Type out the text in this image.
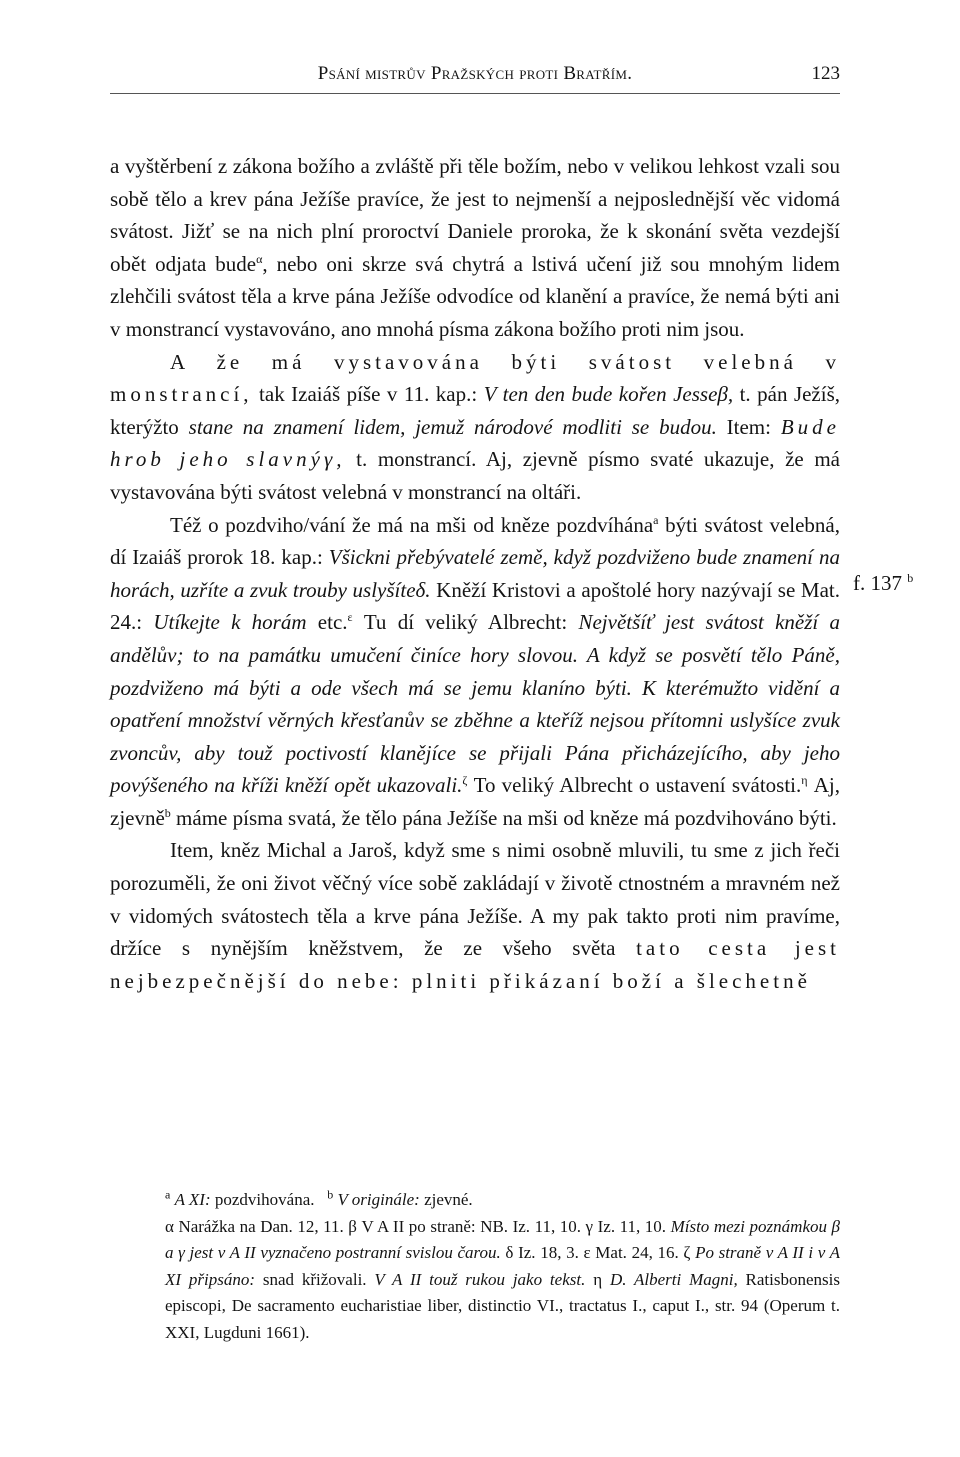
Psání mistrův Pražských proti Bratřím.	123

a vyštěrbení z zákona božího a zvláště při těle božím, nebo v velikou lehkost vzali sou sobě tělo a krev pána Ježíše pravíce, že jest to nejmenší a nejposlednější věc vidomá svátost. Jižť se na nich plní proroctví Daniele proroka, že k skonání světa vezdejší obět odjata bude$^\alpha$, nebo oni skrze svá chytrá a lstivá učení již sou mnohým lidem zlehčili svátost těla a krve pána Ježíše odvodíce od klanění a pravíce, že nemá býti ani v monstrancí vystavováno, ano mnohá písma zákona božího proti nim jsou.

A že má vystavována býti svátost velebná v monstrancí, tak Izaiáš píše v 11. kap.: V ten den bude kořen Jesseβ, t. pán Ježíš, kterýžto stane na znamení lidem, jemuž národové modliti se budou. Item: Bude hrob jeho slavnýγ, t. monstrancí. Aj, zjevně písmo svaté ukazuje, že má vystavována býti svátost velebná v monstrancí na oltáři.

Též o pozdviho/vání že má na mši od kněze pozdvíhána$^a$ býti svátost velebná, dí Izaiáš prorok 18. kap.: Všickni přebývatelé země, když pozdviženo bude znamení na horách, uzříte a zvuk trouby uslyšíteδ. Kněží Kristovi a apoštolé hory nazývají se Mat. 24.: Utíkejte k horám etc.$^\varepsilon$ Tu dí veliký Albrecht: Největšíť jest svátost kněží a andělův; to na památku umučení činíce hory slovou. A když se posvětí tělo Páně, pozdviženo má býti a ode všech má se jemu klaníno býti. K kterémužto vidění a opatření množství věrných křesťanův se zběhne a kteříž nejsou přítomni uslyšíce zvuk zvoncův, aby touž poctivostí klanějíce se přijali Pána přicházejícího, aby jeho povýšeného na kříži kněží opět ukazovali.$^\zeta$ To veliký Albrecht o ustavení svátosti.$^\eta$ Aj, zjevně$^b$ máme písma svatá, že tělo pána Ježíše na mši od kněze má pozdvihováno býti.

Item, kněz Michal a Jaroš, když sme s nimi osobně mluvili, tu sme z jich řeči porozuměli, že oni život věčný více sobě zakládají v životě ctnostném a mravném než v vidomých svátostech těla a krve pána Ježíše. A my pak takto proti nim pravíme, držíce s nynějším kněžstvem, že ze všeho světa tato cesta jest nejbezpečnější do nebe: plniti přikázaní boží a šlechetně

f. 137 $^b$

$^a$ A XI: pozdvihována. $^b$ V originále: zjevné.

α Narážka na Dan. 12, 11. β V A II po straně: NB. Iz. 11, 10. γ Iz. 11, 10. Místo mezi poznámkou β a γ jest v A II vyznačeno postranní svislou čarou. δ Iz. 18, 3. ε Mat. 24, 16. ζ Po straně v A II i v A XI připsáno: snad křižovali. V A II touž rukou jako tekst. η D. Alberti Magni, Ratisbonensis episcopi, De sacramento eucharistiae liber, distinctio VI., tractatus I., caput I., str. 94 (Operum t. XXI, Lugduni 1661).
